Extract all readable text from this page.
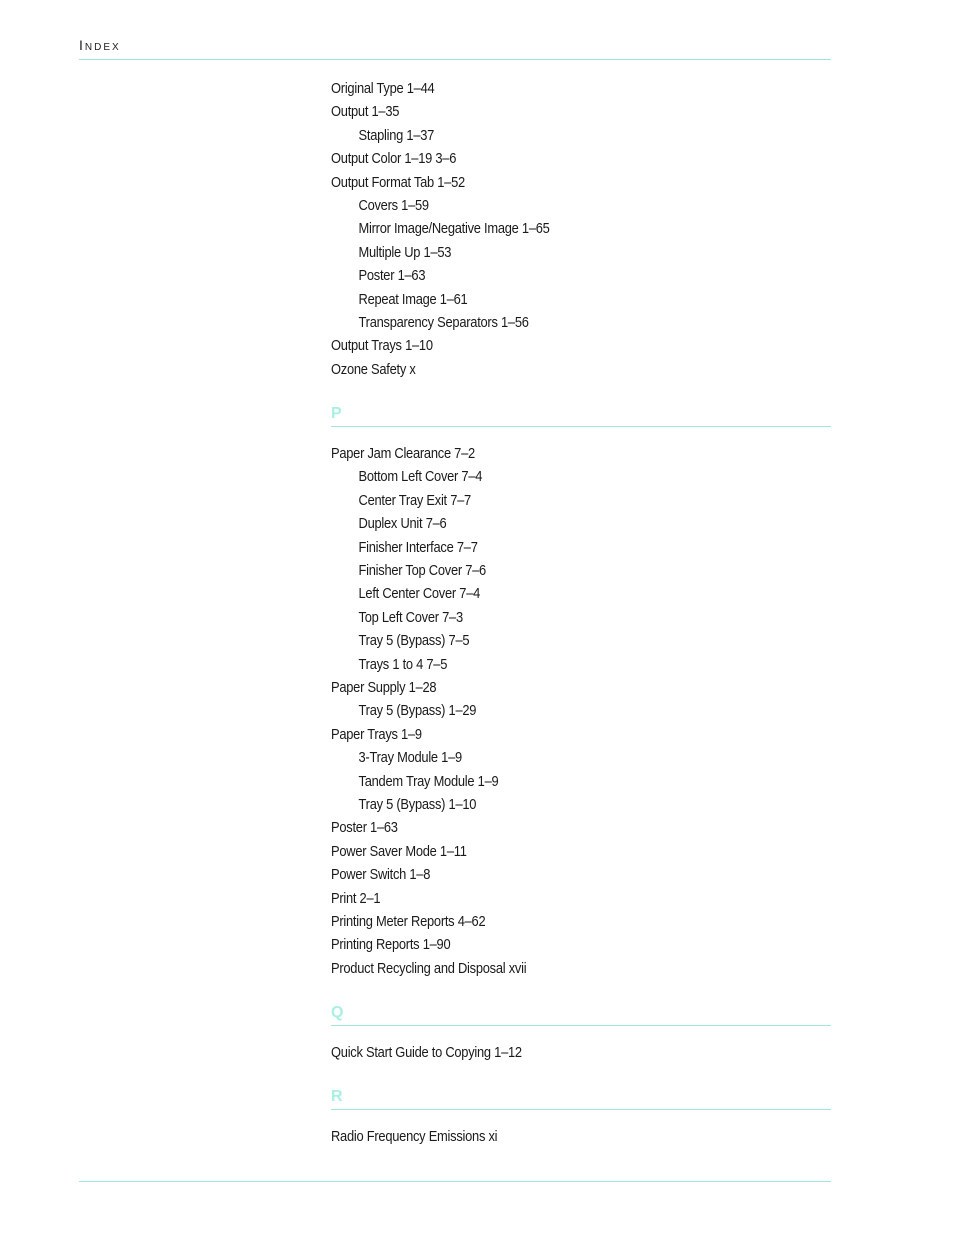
Index
Original Type 1–44
Output 1–35
Stapling 1–37
Output Color 1–19 3–6
Output Format Tab 1–52
Covers 1–59
Mirror Image/Negative Image 1–65
Multiple Up 1–53
Poster 1–63
Repeat Image 1–61
Transparency Separators 1–56
Output Trays 1–10
Ozone Safety x
P
Paper Jam Clearance 7–2
Bottom Left Cover 7–4
Center Tray Exit 7–7
Duplex Unit 7–6
Finisher Interface 7–7
Finisher Top Cover 7–6
Left Center Cover 7–4
Top Left Cover 7–3
Tray 5 (Bypass) 7–5
Trays 1 to 4 7–5
Paper Supply 1–28
Tray 5 (Bypass) 1–29
Paper Trays 1–9
3-Tray Module 1–9
Tandem Tray Module 1–9
Tray 5 (Bypass) 1–10
Poster 1–63
Power Saver Mode 1–11
Power Switch 1–8
Print 2–1
Printing Meter Reports 4–62
Printing Reports 1–90
Product Recycling and Disposal xvii
Q
Quick Start Guide to Copying 1–12
R
Radio Frequency Emissions xi
